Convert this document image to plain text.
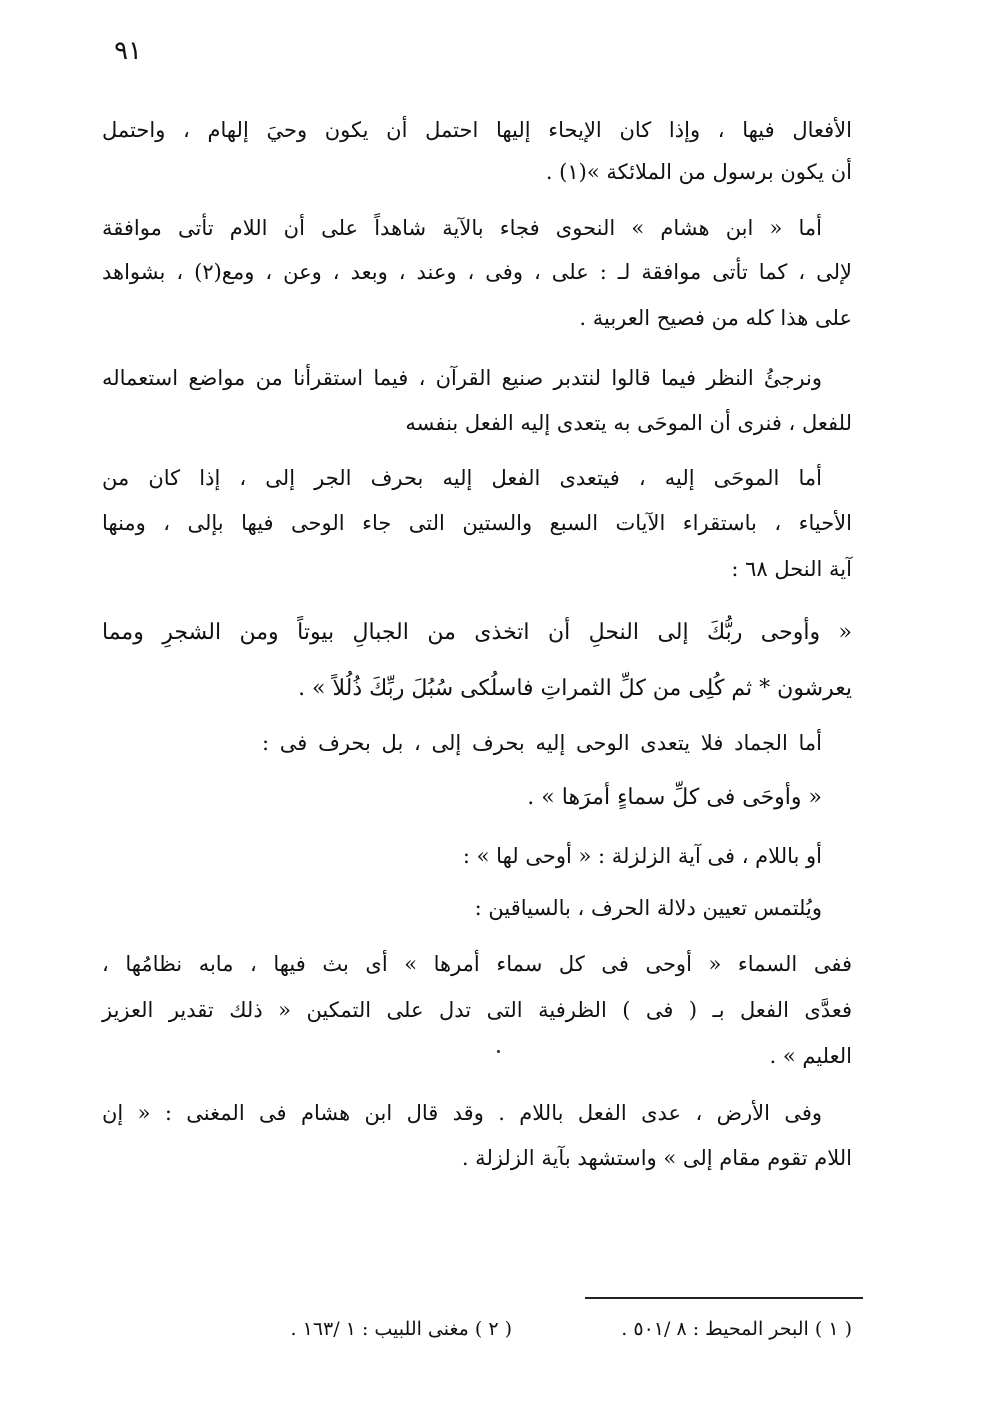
٩١
الأفعال فيها ، وإذا كان الإيحاء إليها احتمل أن يكون وحيَ إلهام ، واحتمل
أن يكون برسول من الملائكة »(١) .
أما « ابن هشام » النحوى فجاء بالآية شاهداً على أن اللام تأتى موافقة
لإلى ، كما تأتى موافقة لـ : على ، وفى ، وعند ، وبعد ، وعن ، ومع(٢) ، بشواهد
على هذا كله من فصيح العربية .
ونرجئُ النظر فيما قالوا لنتدبر صنيع القرآن ، فيما استقرأنا من مواضع استعماله
للفعل ، فنرى أن الموحَى به يتعدى إليه الفعل بنفسه
أما الموحَى إليه ، فيتعدى الفعل إليه بحرف الجر إلى ، إذا كان من
الأحياء ، باستقراء الآيات السبع والستين التى جاء الوحى فيها بإلى ، ومنها
آية النحل ٦٨ :
« وأوحى ربُّكَ إلى النحلِ أن اتخذى من الجبالِ بيوتاً ومن الشجرِ ومما
يعرشون * ثم كُلِى من كلِّ الثمراتِ فاسلُكى سُبُلَ ربِّكَ ذُلُلاً » .
أما الجماد فلا يتعدى الوحى إليه بحرف إلى ، بل بحرف فى :
« وأوحَى فى كلِّ سماءٍ أمرَها » .
أو باللام ، فى آية الزلزلة : « أوحى لها » :
ويُلتمس تعيين دلالة الحرف ، بالسياقين :
ففى السماء « أوحى فى كل سماء أمرها » أى بث فيها ، مابه نظامُها ،
فعدَّى الفعل بـ ( فى ) الظرفية التى تدل على التمكين « ذلك تقدير العزيز
العليم » .
وفى الأرض ، عدى الفعل باللام . وقد قال ابن هشام فى المغنى : « إن
اللام تقوم مقام إلى » واستشهد بآية الزلزلة .
( ١ ) البحر المحيط : ٨ /٥٠١ .
( ٢ ) مغنى اللبيب : ١ /١٦٣ .
